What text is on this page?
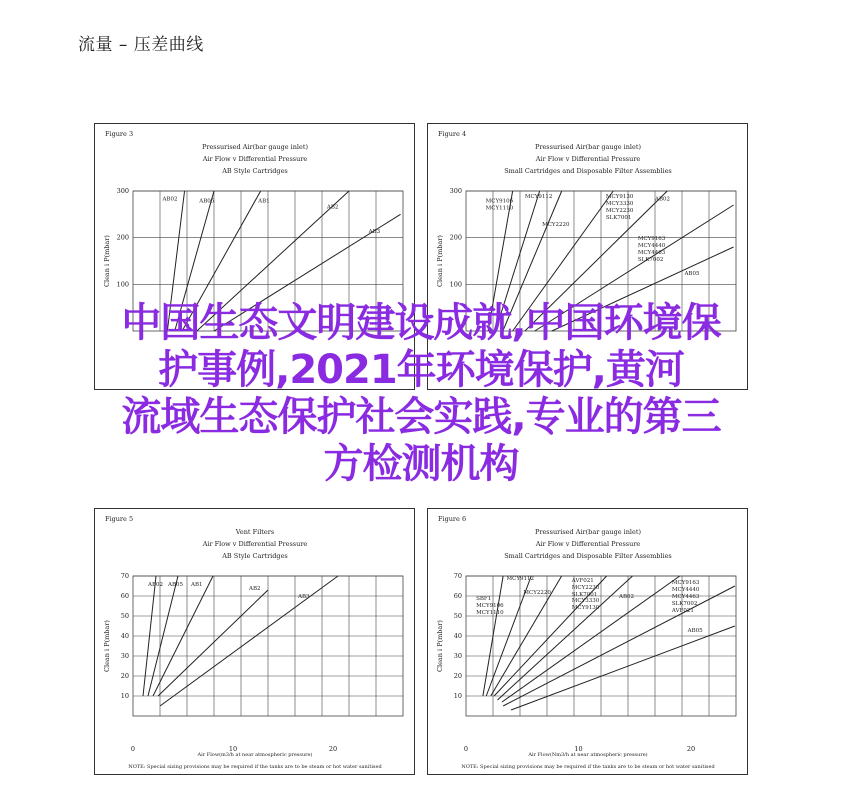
流量 – 压差曲线
Figure 3
Pressurised Air(bar gauge inlet)
Air Flow v Differential Pressure
AB Style Cartridges
100
200
300
Clean i P(mbar)
AB02	AB05	AB1
AB2
AB3
Figure 4
Pressurised Air(bar gauge inlet)
Air Flow v Differential Pressure
Small Cartridges and Disposable Filter Assemblies
100
200
300
Clean i P(mbar)
MCY9106
MCY1110
MCY9112
MCY2220
MCY9130
MCY3330
MCY2230
SLK7001
AB02
MCY9163
MCY4440
MCY4463
SLK7002
AB05
Figure 5
Vent Filters
Air Flow v Differential Pressure
AB Style Cartridges
10
20
30
40
50
60
70
0	10	20
Clean i P(mbar)
Air Flow(m3/h at near atmospheric pressure)
NOTE: Special sizing provisions may be required if the tanks are to be steam or hot water sanitised
AB02 AB05 AB1
AB2
AB3
Figure 6
Pressurised Air(bar gauge inlet)
Air Flow v Differential Pressure
Small Cartridges and Disposable Filter Assemblies
10
20
30
40
50
60
70
0	10	20
Clean i P(mbar)
Air Flow(Nm3/h at near atmospheric pressure)
NOTE: Special sizing provisions may be required if the tanks are to be steam or hot water sanitised
SBF1
MCY9106
MCY1110
MCY9112
MCY2220
AVF021
MCY2230
SLK7001
MCY3330
MCY9130
AB02
MCY9163
MCY4440
MCY4463
SLK7002
AVF021
AB05
中国生态文明建设成就,中国环境保
护事例,2021年环境保护,黄河
流域生态保护社会实践,专业的第三
方检测机构
